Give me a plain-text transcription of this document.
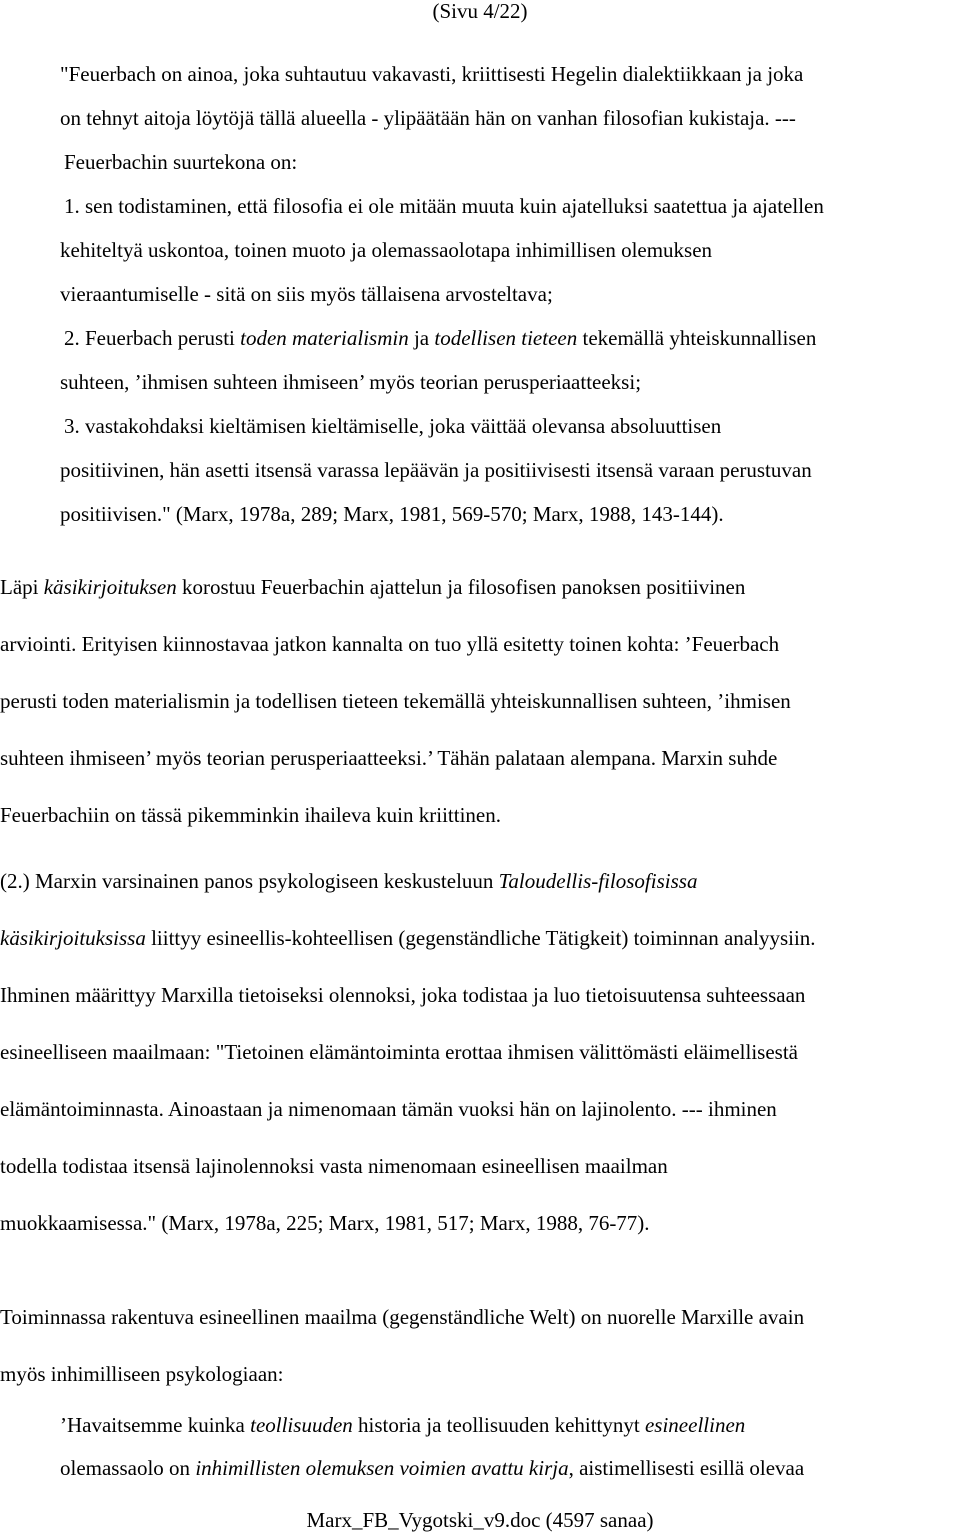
(Sivu 4/22)

"Feuerbach on ainoa, joka suhtautuu vakavasti, kriittisesti Hegelin dialektiikkaan ja joka

on tehnyt aitoja löytöjä tällä alueella - ylipäätään hän on vanhan filosofian kukistaja. ---

Feuerbachin suurtekona on:

1. sen todistaminen, että filosofia ei ole mitään muuta kuin ajatelluksi saatettua ja ajatellen

kehiteltyä uskontoa, toinen muoto ja olemassaolotapa inhimillisen olemuksen

vieraantumiselle - sitä on siis myös tällaisena arvosteltava;

2. Feuerbach perusti toden materialismin ja todellisen tieteen tekemällä yhteiskunnallisen

suhteen, ’ihmisen suhteen ihmiseen’ myös teorian perusperiaatteeksi;

3. vastakohdaksi kieltämisen kieltämiselle, joka väittää olevansa absoluuttisen

positiivinen, hän asetti itsensä varassa lepäävän ja positiivisesti itsensä varaan perustuvan

positiivisen." (Marx, 1978a, 289; Marx, 1981, 569-570; Marx, 1988, 143-144).

Läpi käsikirjoituksen korostuu Feuerbachin ajattelun ja filosofisen panoksen positiivinen

arviointi. Erityisen kiinnostavaa jatkon kannalta on tuo yllä esitetty toinen kohta: ’Feuerbach

perusti toden materialismin ja todellisen tieteen tekemällä yhteiskunnallisen suhteen, ’ihmisen

suhteen ihmiseen’ myös teorian perusperiaatteeksi.’ Tähän palataan alempana. Marxin suhde

Feuerbachiin on tässä pikemminkin ihaileva kuin kriittinen.

(2.) Marxin varsinainen panos psykologiseen keskusteluun Taloudellis-filosofisissa

käsikirjoituksissa liittyy esineellis-kohteellisen (gegenständliche Tätigkeit) toiminnan analyysiin.

Ihminen määrittyy Marxilla tietoiseksi olennoksi, joka todistaa ja luo tietoisuutensa suhteessaan

esineelliseen maailmaan: "Tietoinen elämäntoiminta erottaa ihmisen välittömästi eläimellisestä

elämäntoiminnasta. Ainoastaan ja nimenomaan tämän vuoksi hän on lajinolento. --- ihminen

todella todistaa itsensä lajinolennoksi vasta nimenomaan esineellisen maailman

muokkaamisessa." (Marx, 1978a, 225; Marx, 1981, 517; Marx, 1988, 76-77).

Toiminnassa rakentuva esineellinen maailma (gegenständliche Welt) on nuorelle Marxille avain

myös inhimilliseen psykologiaan:

’Havaitsemme kuinka teollisuuden historia ja teollisuuden kehittynyt esineellinen

olemassaolo on inhimillisten olemuksen voimien avattu kirja, aistimellisesti esillä olevaa

Marx_FB_Vygotski_v9.doc (4597 sanaa)
